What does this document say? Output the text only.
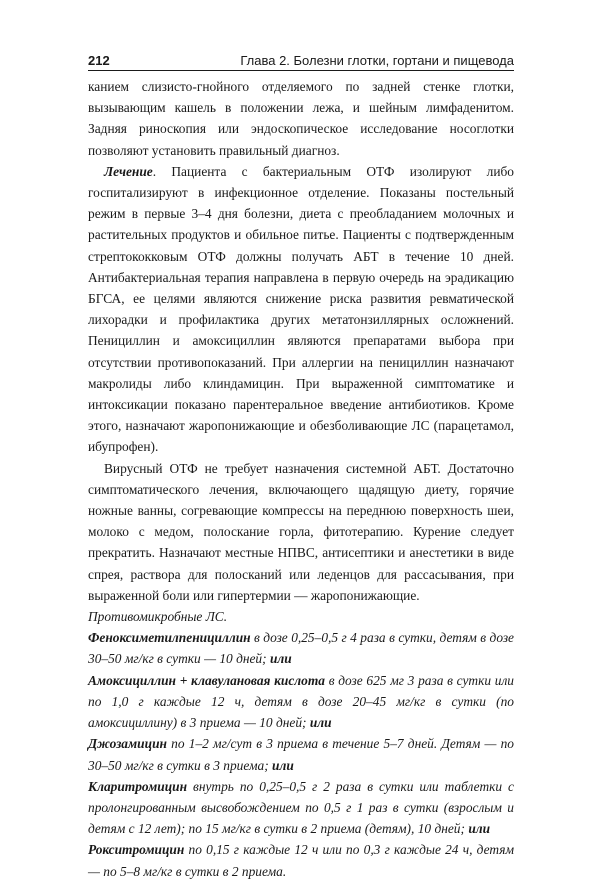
212	Глава 2. Болезни глотки, гортани и пищевода

канием слизисто-гнойного отделяемого по задней стенке глотки, вызывающим кашель в положении лежа, и шейным лимфаденитом. Задняя риноскопия или эндоскопическое исследование носоглотки позволяют установить правильный диагноз.

Лечение. Пациента с бактериальным ОТФ изолируют либо госпитализируют в инфекционное отделение. Показаны постельный режим в первые 3–4 дня болезни, диета с преобладанием молочных и растительных продуктов и обильное питье. Пациенты с подтвержденным стрептококковым ОТФ должны получать АБТ в течение 10 дней. Антибактериальная терапия направлена в первую очередь на эрадикацию БГСА, ее целями являются снижение риска развития ревматической лихорадки и профилактика других метатонзиллярных осложнений. Пенициллин и амоксициллин являются препаратами выбора при отсутствии противопоказаний. При аллергии на пенициллин назначают макролиды либо клиндамицин. При выраженной симптоматике и интоксикации показано парентеральное введение антибиотиков. Кроме этого, назначают жаропонижающие и обезболивающие ЛС (парацетамол, ибупрофен).

Вирусный ОТФ не требует назначения системной АБТ. Достаточно симптоматического лечения, включающего щадящую диету, горячие ножные ванны, согревающие компрессы на переднюю поверхность шеи, молоко с медом, полоскание горла, фитотерапию. Курение следует прекратить. Назначают местные НПВС, антисептики и анестетики в виде спрея, раствора для полосканий или леденцов для рассасывания, при выраженной боли или гипертермии — жаропонижающие.

Противомикробные ЛС.

Феноксиметилпенициллин в дозе 0,25–0,5 г 4 раза в сутки, детям в дозе 30–50 мг/кг в сутки — 10 дней; или

Амоксициллин + клавулановая кислота в дозе 625 мг 3 раза в сутки или по 1,0 г каждые 12 ч, детям в дозе 20–45 мг/кг в сутки (по амоксициллину) в 3 приема — 10 дней; или

Джозамицин по 1–2 мг/сут в 3 приема в течение 5–7 дней. Детям — по 30–50 мг/кг в сутки в 3 приема; или

Кларитромицин внутрь по 0,25–0,5 г 2 раза в сутки или таблетки с пролонгированным высвобождением по 0,5 г 1 раз в сутки (взрослым и детям с 12 лет); по 15 мг/кг в сутки в 2 приема (детям), 10 дней; или

Рокситромицин по 0,15 г каждые 12 ч или по 0,3 г каждые 24 ч, детям — по 5–8 мг/кг в сутки в 2 приема.
